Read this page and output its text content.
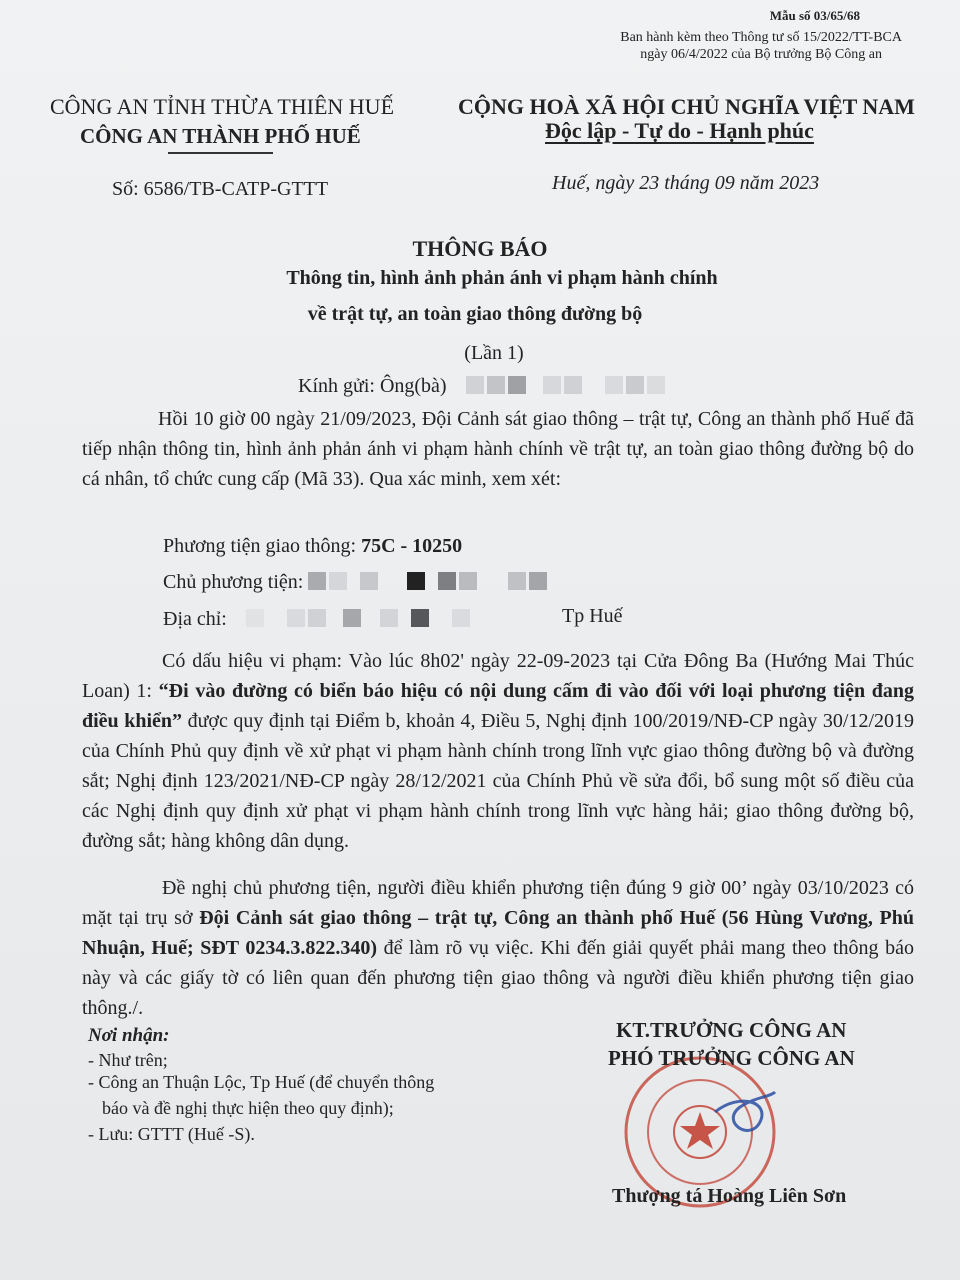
Mẫu số 03/65/68
Ban hành kèm theo Thông tư số 15/2022/TT-BCA
ngày 06/4/2022 của Bộ trưởng Bộ Công an
CÔNG AN TỈNH THỪA THIÊN HUẾ
CÔNG AN THÀNH PHỐ HUẾ
CỘNG HOÀ XÃ HỘI CHỦ NGHĨA VIỆT NAM
Độc lập - Tự do - Hạnh phúc
Số: 6586/TB-CATP-GTTT	Huế, ngày 23 tháng 09 năm 2023
THÔNG BÁO
Thông tin, hình ảnh phản ánh vi phạm hành chính
về trật tự, an toàn giao thông đường bộ
(Lần 1)
Kính gửi: Ông(bà)
Hồi 10 giờ 00 ngày 21/09/2023, Đội Cảnh sát giao thông – trật tự, Công an thành phố Huế đã tiếp nhận thông tin, hình ảnh phản ánh vi phạm hành chính về trật tự, an toàn giao thông đường bộ do cá nhân, tổ chức cung cấp (Mã 33). Qua xác minh, xem xét:
Phương tiện giao thông: 75C - 10250
Chủ phương tiện:
Địa chỉ:	Tp Huế
Có dấu hiệu vi phạm: Vào lúc 8h02' ngày 22-09-2023 tại Cửa Đông Ba (Hướng Mai Thúc Loan) 1: “Đi vào đường có biển báo hiệu có nội dung cấm đi vào đối với loại phương tiện đang điều khiển” được quy định tại Điểm b, khoản 4, Điều 5, Nghị định 100/2019/NĐ-CP ngày 30/12/2019 của Chính Phủ quy định về xử phạt vi phạm hành chính trong lĩnh vực giao thông đường bộ và đường sắt; Nghị định 123/2021/NĐ-CP ngày 28/12/2021 của Chính Phủ về sửa đổi, bổ sung một số điều của các Nghị định quy định xử phạt vi phạm hành chính trong lĩnh vực hàng hải; giao thông đường bộ, đường sắt; hàng không dân dụng.
Đề nghị chủ phương tiện, người điều khiển phương tiện đúng 9 giờ 00’ ngày 03/10/2023 có mặt tại trụ sở Đội Cảnh sát giao thông – trật tự, Công an thành phố Huế (56 Hùng Vương, Phú Nhuận, Huế; SĐT 0234.3.822.340) để làm rõ vụ việc. Khi đến giải quyết phải mang theo thông báo này và các giấy tờ có liên quan đến phương tiện giao thông và người điều khiển phương tiện giao thông./.
Nơi nhận:
- Như trên;
- Công an Thuận Lộc, Tp Huế (để chuyển thông
báo và đề nghị thực hiện theo quy định);
- Lưu: GTTT (Huế -S).
KT.TRƯỞNG CÔNG AN
PHÓ TRƯỞNG CÔNG AN
Thượng tá Hoàng Liên Sơn
